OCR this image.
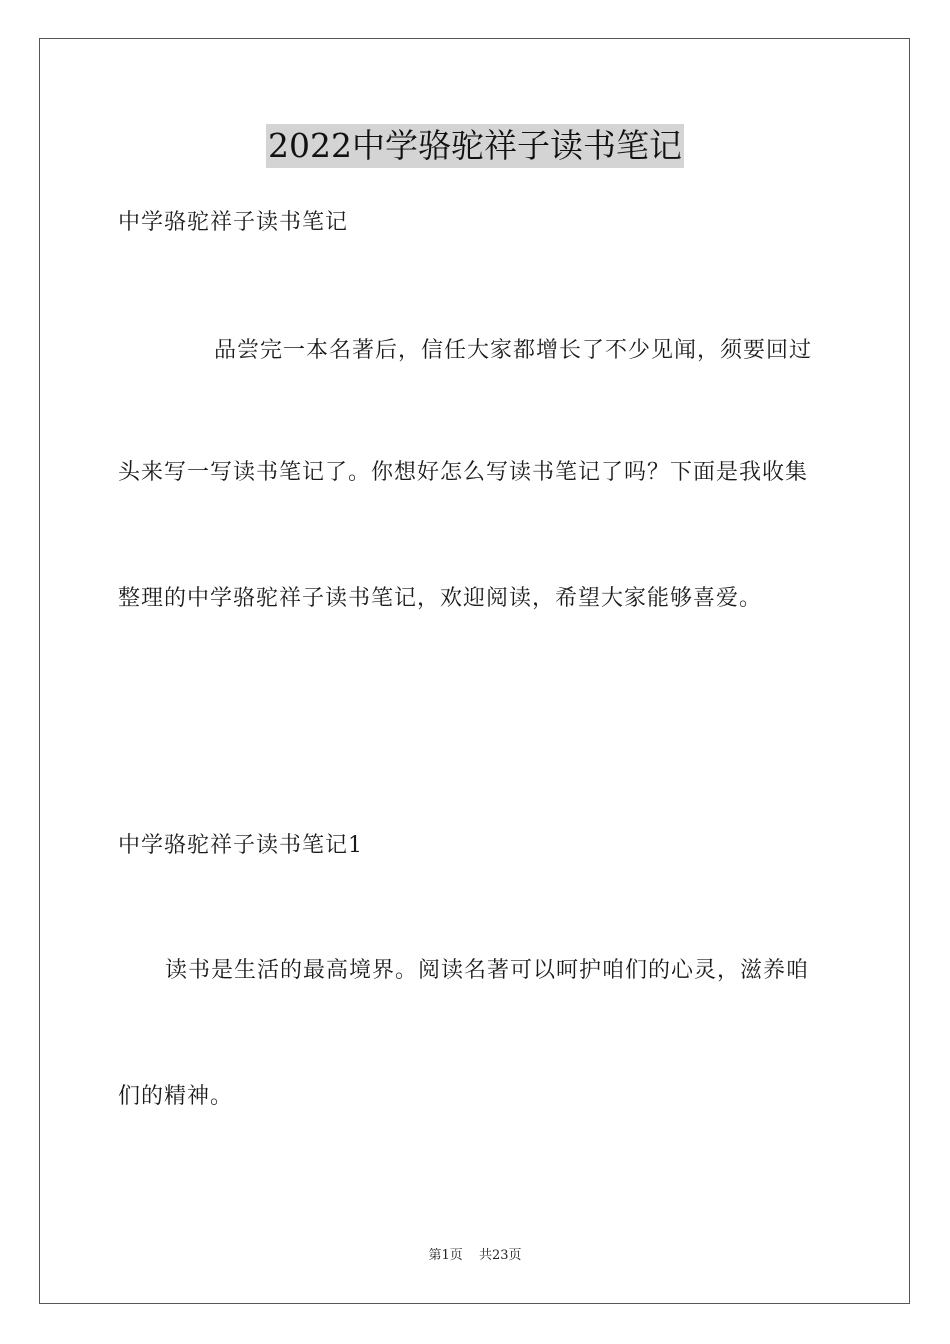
2022中学骆驼祥子读书笔记
中学骆驼祥子读书笔记
品尝完一本名著后，信任大家都增长了不少见闻，须要回过
头来写一写读书笔记了。你想好怎么写读书笔记了吗？下面是我收集
整理的中学骆驼祥子读书笔记，欢迎阅读，希望大家能够喜爱。
中学骆驼祥子读书笔记1
读书是生活的最高境界。阅读名著可以呵护咱们的心灵，滋养咱
们的精神。
第1页 共23页
